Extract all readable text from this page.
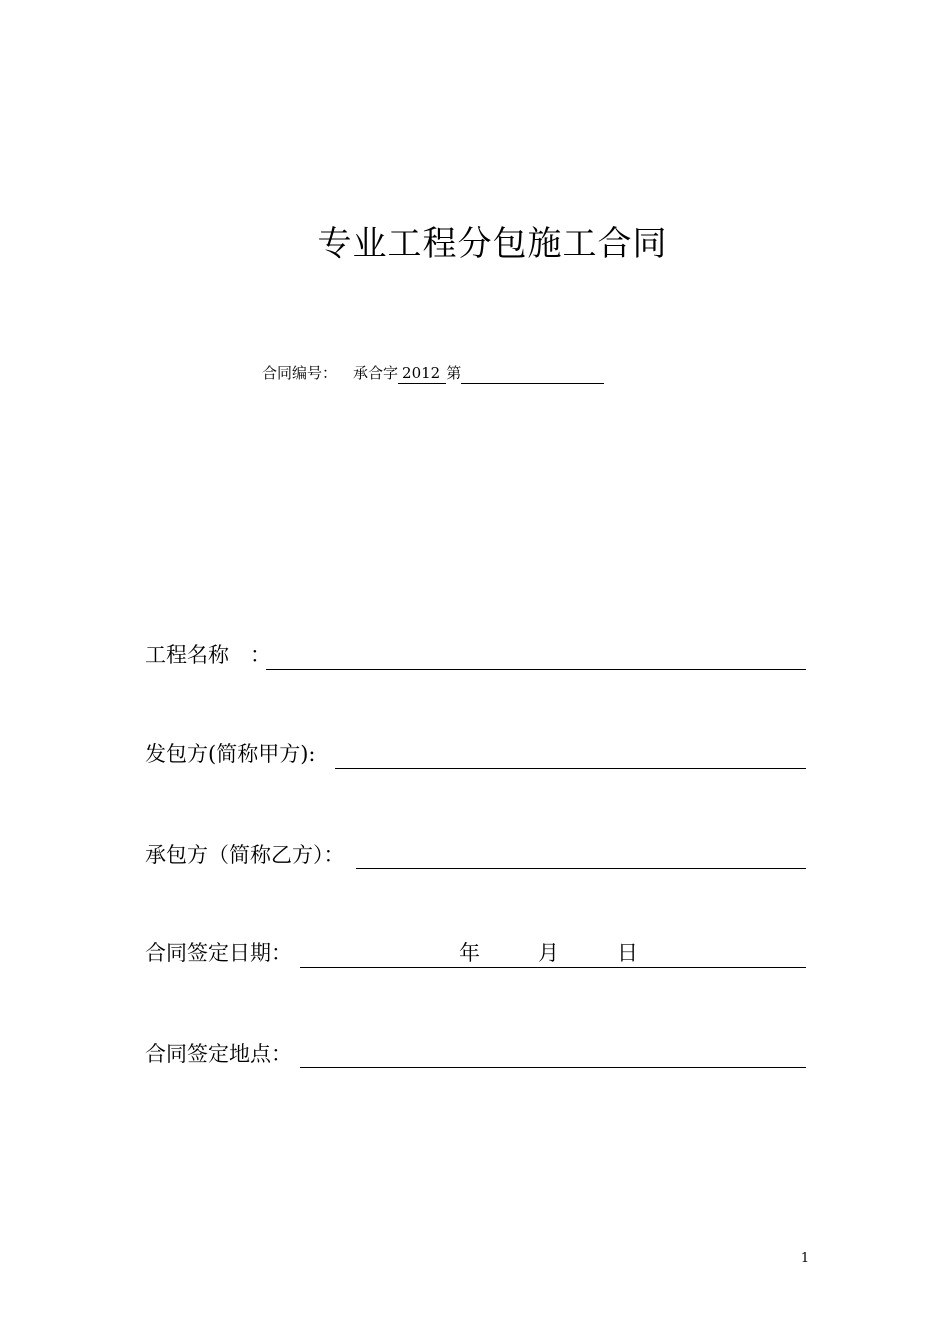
专业工程分包施工合同
合同编号： 承合字 2012 第
工程名称　：
发包方(简称甲方):
承包方（简称乙方）：
合同签定日期：	年	月	日
合同签定地点：
1
